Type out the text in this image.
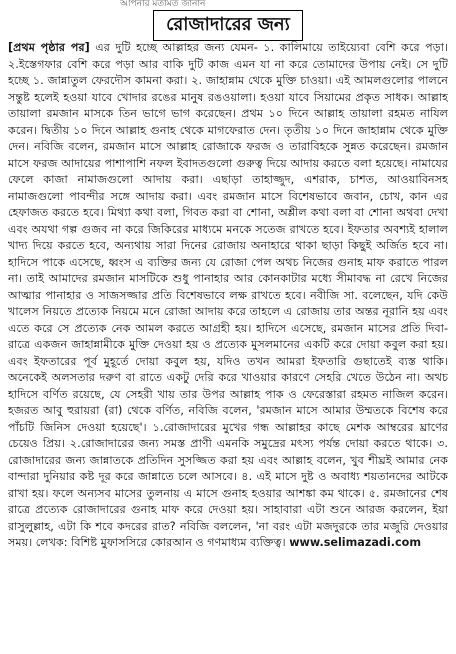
আপনার মতামত জানান
রোজাদারের জন্য

[প্রথম পৃষ্ঠার পর] এর দুটি হচ্ছে আল্লাহর জন্য যেমন- ১. কালিমায়ে তাইয়্যেবা বেশি করে পড়া। ২.ইস্তেগফার বেশি করে পড়া আর বাকি দুটি কাজ এমন যা না করে তোমাদের উপায় নেই। সে দুটি হচ্ছে ১. জান্নাতুল ফেরদৌস কামনা করা। ২. জাহান্নাম থেকে মুক্তি চাওয়া। এই আমলগুলোর পালনে সন্তুষ্ট হলেই হওয়া যাবে খোদার রঙের মানুষ রঙওয়ালা। হওয়া যাবে সিয়ামের প্রকৃত সাধক। আল্লাহ তায়ালা রমজান মাসকে তিন ভাগে ভাগ করেছেন। প্রথম ১০ দিনে আল্লাহ তায়ালা রহমত নাযিল করেন। দ্বিতীয় ১০ দিনে আল্লাহ গুনাহ থেকে মাগফেরাত দেন। তৃতীয় ১০ দিনে জাহান্নাম থেকে মুক্তি দেন। নবিজি বলেন, রমজান মাসে আল্লাহ রোজাকে ফরজ ও তারাবিহকে সুন্নত করেছেন। রমজান মাসে ফরজ আদায়ের পাশাপাশি নফল ইবাদতগুলো গুরুত্ব দিয়ে আদায় করতে বলা হয়েছে। নামাযের ফেলে কাজা নামাজগুলো আদায় করা। এছাড়া তাহাজ্জুদ, এশরাক, চাশত, আওয়াবিনসহ নামাজগুলো পাবন্দীর সঙ্গে আদায় করা। এবং রমজান মাসে বিশেষভাবে জবান, চোখ, কান এর হেফাজত করতে হবে। মিথ্যা কথা বলা, গিবত করা বা শোনা, অশ্লীল কথা বলা বা শোনা অথবা দেখা এবং অযথা গল্প গুজব না করে জিকিরের মাধ্যমে মনকে সতেজ রাখতে হবে। ইফতার অবশ্যই হালাল খাদ্য দিয়ে করতে হবে, অন্যথায় সারা দিনের রোজায় অনাহারে থাকা ছাড়া কিছুই অর্জিত হবে না। হাদিসে পাকে এসেছে, ধ্বংস এ ব্যক্তির জন্য যে রোজা পেল অথচ নিজের গুনাহ মাফ করাতে পারল না। তাই আমাদের রমজান মাসটিকে শুধু পানাহার আর কোনকাটার মধ্যে সীমাবদ্ধ না রেখে নিজের আত্মার পানাহার ও সাজসজ্জার প্রতি বিশেষভাবে লক্ষ রাখতে হবে। নবীজি সা. বলেছেন, যদি কেউ খালেস নিয়তে প্রত্যেক নিয়মে মনে রোজা আদায় করে তাহলে এ রোজায় তার অন্তর নূরানি হয় এবং এতে করে সে প্রত্যেক নেক আমল করতে আগ্রহী হয়। হাদিসে এসেছে, রমজান মাসের প্রতি দিবা-রাত্রে একজন জাহান্নামীকে মুক্তি দেওয়া হয় ও প্রত্যেক মুসলমানের একটি করে দোয়া কবুল করা হয়। এবং ইফতারের পূর্ব মুহূর্তে দোয়া কবুল হয়, যদিও তখন আমরা ইফতারি গুছাতেই ব্যস্ত থাকি। অনেকেই অলসতার দরুণ বা রাতে একটু দেরি করে খাওয়ার কারণে সেহরি খেতে উঠেন না। অথচ হাদিসে বর্ণিত রয়েছে, যে সেহরী খায় তার উপর আল্লাহ পাক ও ফেরেস্তারা রহমত নাজিল করেন। হজরত আবু হুরায়রা (রা) থেকে বর্ণিত, নবিজি বলেন, 'রমজান মাসে আমার উম্মতকে বিশেষ করে পাঁচটি জিনিস দেওয়া হয়েছে'। ১.রোজাদারের মুখের গন্ধ আল্লাহর কাছে মেশক আম্বরের ঘ্রাণের চেয়েও প্রিয়। ২.রোজাদারের জন্য সমস্ত প্রাণী এমনকি সমুদ্রের মৎস্য পর্যন্ত দোয়া করতে থাকে। ৩. রোজাদারের জন্য জান্নাতকে প্রতিদিন সুসজ্জিত করা হয় এবং আল্লাহ বলেন, খুব শীঘ্রই আমার নেক বান্দারা দুনিয়ার কষ্ট দূর করে জান্নাতে চলে আসবে। ৪. এই মাসে দুষ্ট ও অবাধ্য শয়তানদের আটকে রাখা হয়। ফলে অন্যসব মাসের তুলনায় এ মাসে গুনাহ হওয়ার আশঙ্কা কম থাকে। ৫. রমজানের শেষ রাত্রে প্রত্যেক রোজাদারের গুনাহ মাফ করে দেওয়া হয়। সাহাবারা এটা শুনে আরজ করলেন, ইয়া রাসুলুল্লাহ, এটা কি শবে কদরের রাত? নবিজি বললেন, 'না বরং এটা মজদুরকে তার মজুরি দেওয়ার সময়। লেখক: বিশিষ্ট মুফাসসিরে কোরআন ও গণমাধ্যম ব্যক্তিত্ব। www.selimazadi.com
